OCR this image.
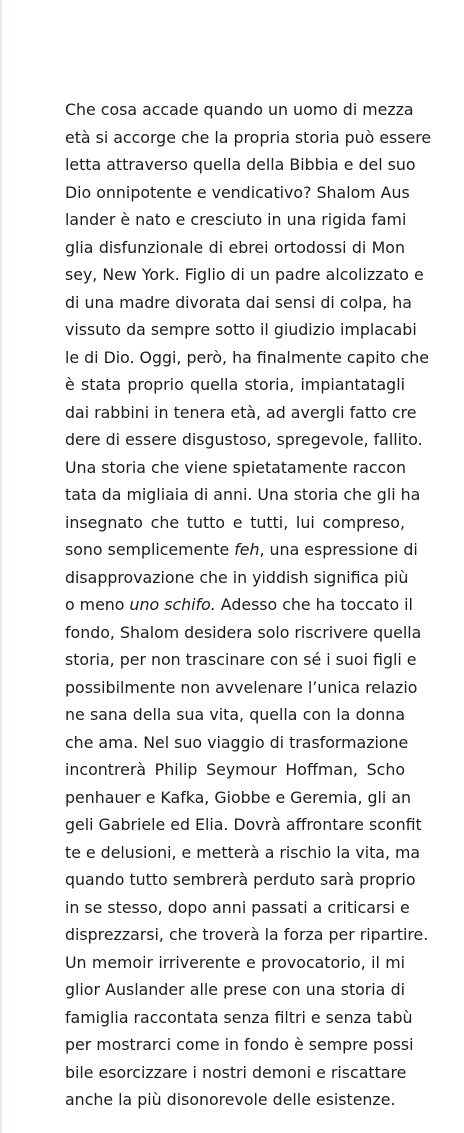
Che cosa accade quando un uomo di mezza
età si accorge che la propria storia può essere
letta attraverso quella della Bibbia e del suo
Dio onnipotente e vendicativo? Shalom Aus
lander è nato e cresciuto in una rigida fami
glia disfunzionale di ebrei ortodossi di Mon
sey, New York. Figlio di un padre alcolizzato e
di una madre divorata dai sensi di colpa, ha
vissuto da sempre sotto il giudizio implacabi
le di Dio. Oggi, però, ha finalmente capito che
è stata proprio quella storia, impiantatagli
dai rabbini in tenera età, ad avergli fatto cre
dere di essere disgustoso, spregevole, fallito.
Una storia che viene spietatamente raccon
tata da migliaia di anni. Una storia che gli ha
insegnato che tutto e tutti, lui compreso,
sono semplicemente feh, una espressione di
disapprovazione che in yiddish significa più
o meno uno schifo. Adesso che ha toccato il
fondo, Shalom desidera solo riscrivere quella
storia, per non trascinare con sé i suoi figli e
possibilmente non avvelenare l’unica relazio
ne sana della sua vita, quella con la donna
che ama. Nel suo viaggio di trasformazione
incontrerà Philip Seymour Hoffman, Scho
penhauer e Kafka, Giobbe e Geremia, gli an
geli Gabriele ed Elia. Dovrà affrontare sconfit
te e delusioni, e metterà a rischio la vita, ma
quando tutto sembrerà perduto sarà proprio
in se stesso, dopo anni passati a criticarsi e
disprezzarsi, che troverà la forza per ripartire.
Un memoir irriverente e provocatorio, il mi
glior Auslander alle prese con una storia di
famiglia raccontata senza filtri e senza tabù
per mostrarci come in fondo è sempre possi
bile esorcizzare i nostri demoni e riscattare
anche la più disonorevole delle esistenze.
